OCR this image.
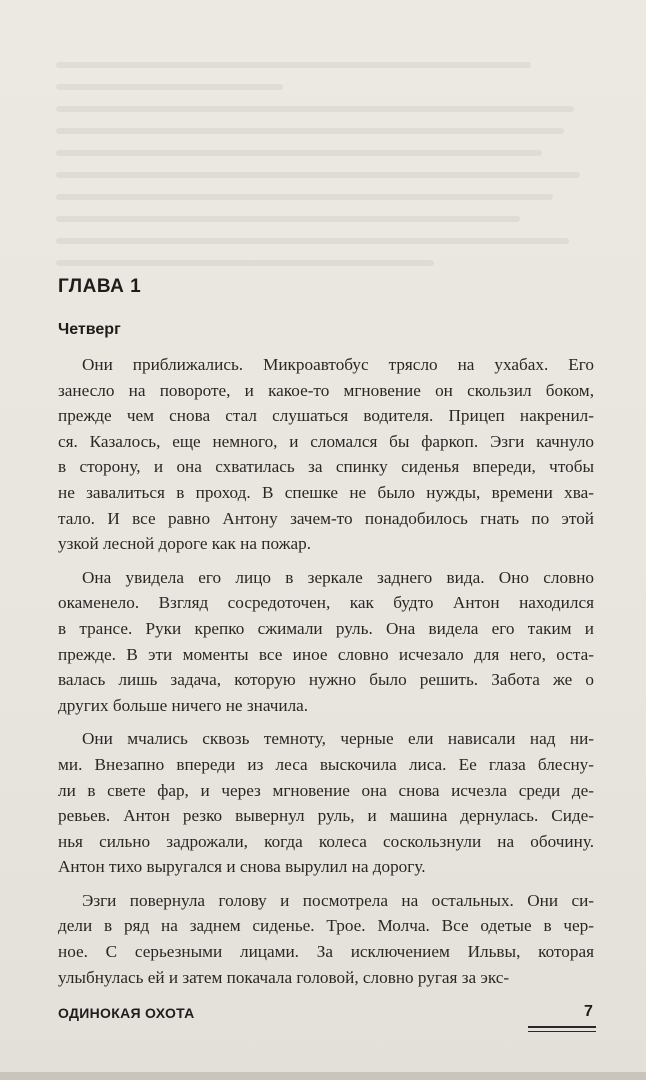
ГЛАВА 1
Четверг

Они приближались. Микроавтобус трясло на ухабах. Его
занесло на повороте, и какое-то мгновение он скользил боком,
прежде чем снова стал слушаться водителя. Прицеп накренил-
ся. Казалось, еще немного, и сломался бы фаркоп. Эзги качнуло
в сторону, и она схватилась за спинку сиденья впереди, чтобы
не завалиться в проход. В спешке не было нужды, времени хва-
тало. И все равно Антону зачем-то понадобилось гнать по этой
узкой лесной дороге как на пожар.

Она увидела его лицо в зеркале заднего вида. Оно словно
окаменело. Взгляд сосредоточен, как будто Антон находился
в трансе. Руки крепко сжимали руль. Она видела его таким и
прежде. В эти моменты все иное словно исчезало для него, оста-
валась лишь задача, которую нужно было решить. Забота же о
других больше ничего не значила.

Они мчались сквозь темноту, черные ели нависали над ни-
ми. Внезапно впереди из леса выскочила лиса. Ее глаза блесну-
ли в свете фар, и через мгновение она снова исчезла среди де-
ревьев. Антон резко вывернул руль, и машина дернулась. Сиде-
нья сильно задрожали, когда колеса соскользнули на обочину.
Антон тихо выругался и снова вырулил на дорогу.

Эзги повернула голову и посмотрела на остальных. Они си-
дели в ряд на заднем сиденье. Трое. Молча. Все одетые в чер-
ное. С серьезными лицами. За исключением Ильвы, которая
улыбнулась ей и затем покачала головой, словно ругая за экс-

ОДИНОКАЯ ОХОТА	7
